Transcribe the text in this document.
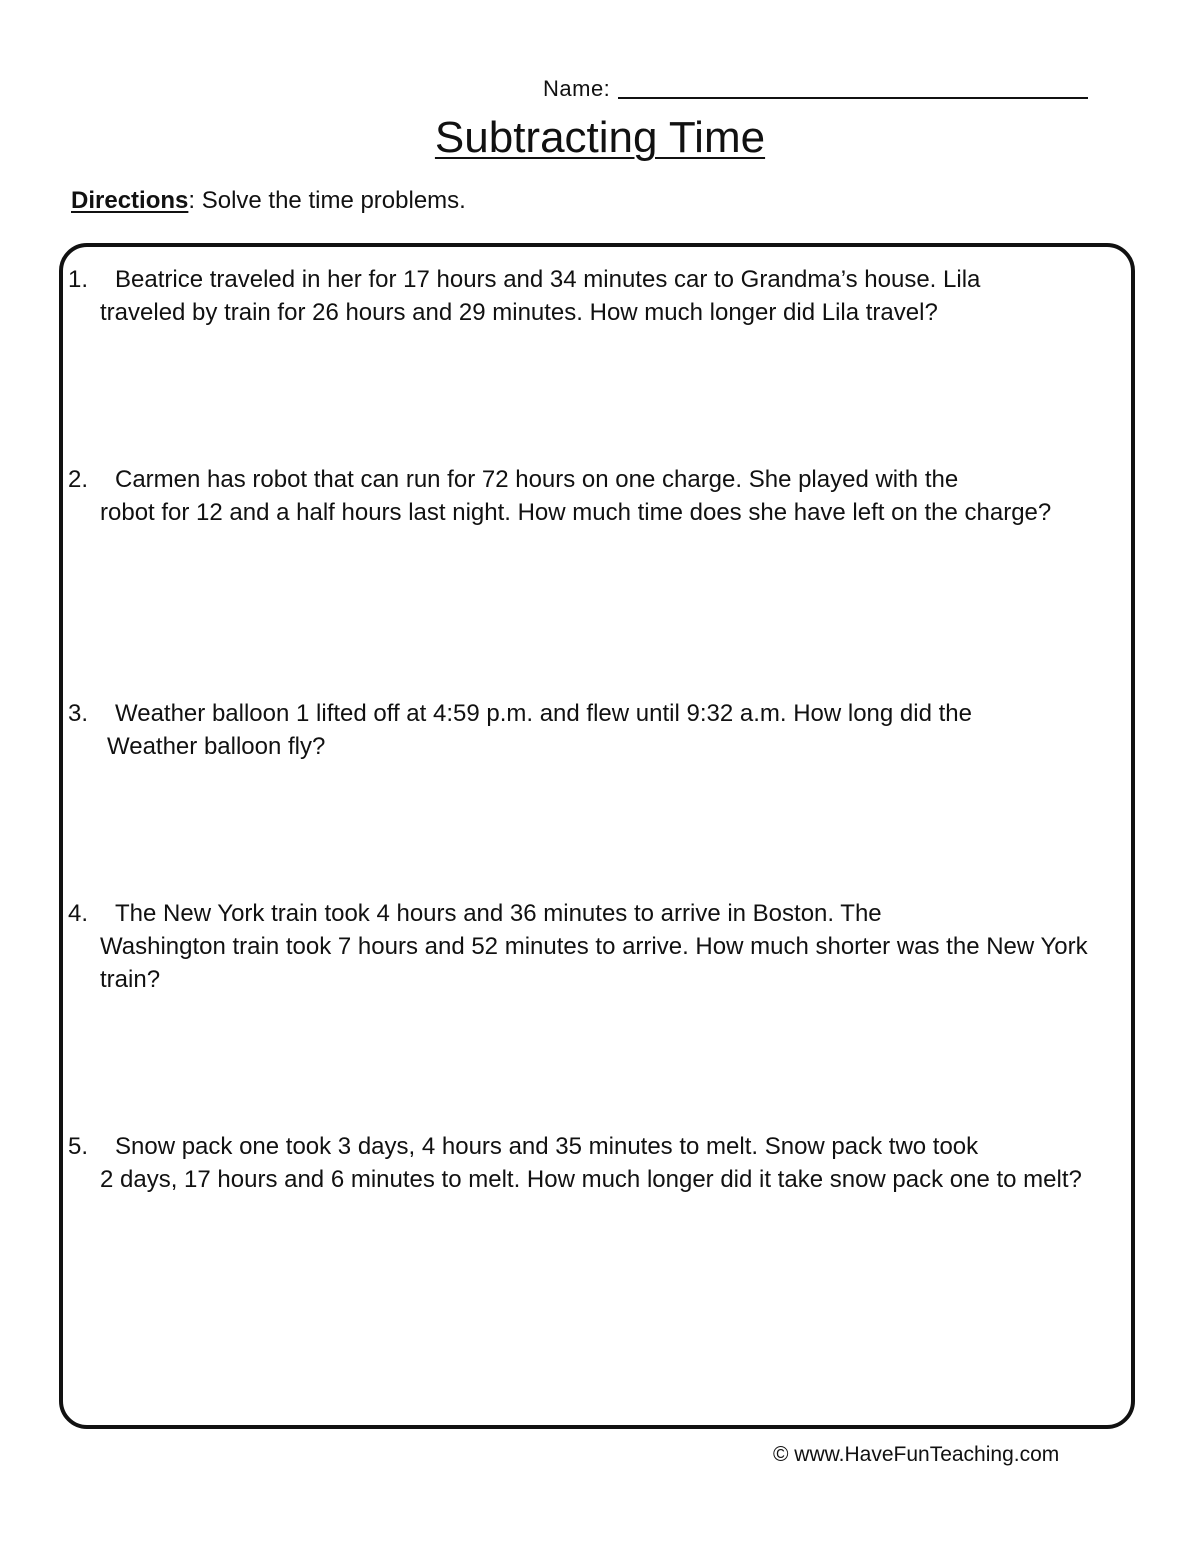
Name:
Subtracting Time

Directions: Solve the time problems.

1.	Beatrice traveled in her for 17 hours and 34 minutes car to Grandma’s house. Lila
traveled by train for 26 hours and 29 minutes. How much longer did Lila travel?
2.	Carmen has robot that can run for 72 hours on one charge. She played with the
robot for 12 and a half hours last night. How much time does she have left on the charge?
3.	Weather balloon 1 lifted off at 4:59 p.m. and flew until 9:32 a.m. How long did the
Weather balloon fly?
4.	The New York train took 4 hours and 36 minutes to arrive in Boston. The
Washington train took 7 hours and 52 minutes to arrive. How much shorter was the New York train?
5.	Snow pack one took 3 days, 4 hours and 35 minutes to melt. Snow pack two took
2 days, 17 hours and 6 minutes to melt. How much longer did it take snow pack one to melt?
© www.HaveFunTeaching.com
